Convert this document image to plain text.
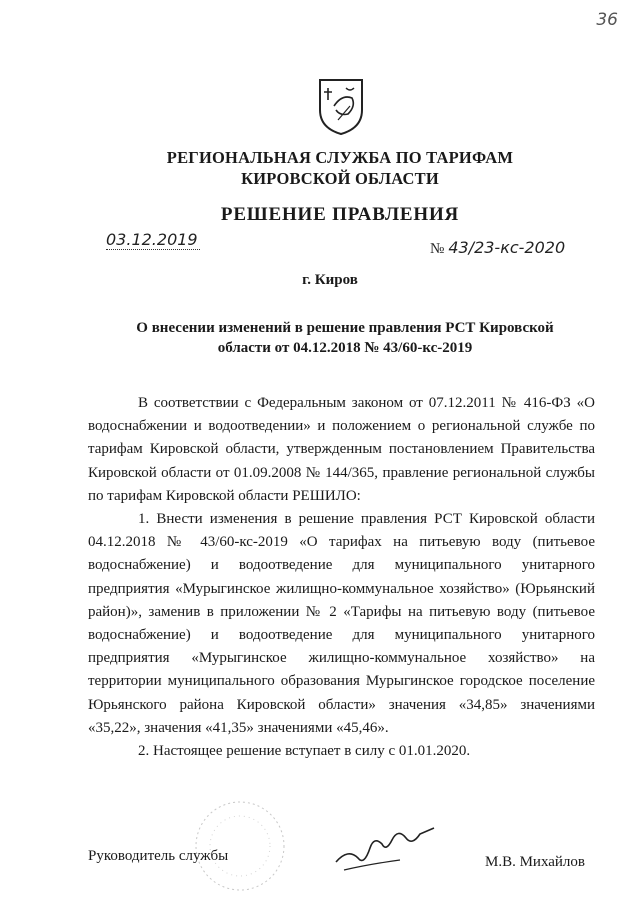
36
РЕГИОНАЛЬНАЯ СЛУЖБА ПО ТАРИФАМ
КИРОВСКОЙ ОБЛАСТИ
РЕШЕНИЕ ПРАВЛЕНИЯ
03.12.2019	№ 43/23-кс-2020
г. Киров
О внесении изменений в решение правления РСТ Кировской
области от 04.12.2018 № 43/60-кс-2019

В соответствии с Федеральным законом от 07.12.2011 № 416-ФЗ «О водоснабжении и водоотведении» и положением о региональной службе по тарифам Кировской области, утвержденным постановлением Правительства Кировской области от 01.09.2008 № 144/365, правление региональной службы по тарифам Кировской области РЕШИЛО:

1. Внести изменения в решение правления РСТ Кировской области 04.12.2018 № 43/60-кс-2019 «О тарифах на питьевую воду (питьевое водоснабжение) и водоотведение для муниципального унитарного предприятия «Мурыгинское жилищно-коммунальное хозяйство» (Юрьянский район)», заменив в приложении № 2 «Тарифы на питьевую воду (питьевое водоснабжение) и водоотведение для муниципального унитарного предприятия «Мурыгинское жилищно-коммунальное хозяйство» на территории муниципального образования Мурыгинское городское поселение Юрьянского района Кировской области» значения «34,85» значениями «35,22», значения «41,35» значениями «45,46».

2. Настоящее решение вступает в силу с 01.01.2020.

Руководитель службы	М.В. Михайлов
